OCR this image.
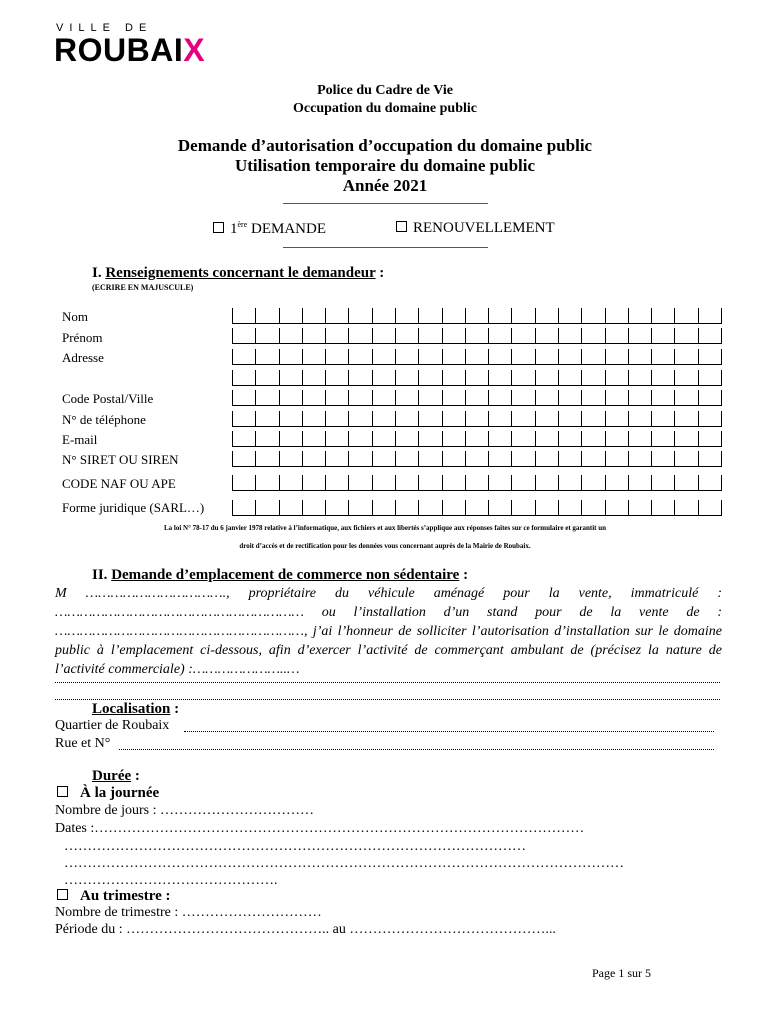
VILLE DE
ROUBAIX
Police du Cadre de Vie
Occupation du domaine public
Demande d’autorisation d’occupation du domaine public
Utilisation temporaire du domaine public
Année 2021
1ère DEMANDE	RENOUVELLEMENT
I. Renseignements concernant le demandeur :
(ECRIRE EN MAJUSCULE)
Nom
Prénom
Adresse
Code Postal/Ville
N° de téléphone
E-mail
N° SIRET OU SIREN
CODE NAF OU APE
Forme juridique (SARL…)
La loi N° 78-17 du 6 janvier 1978 relative à l’informatique, aux fichiers et aux libertés s’applique aux réponses faites sur ce formulaire et garantit un
droit d’accès et de rectification pour les données vous concernant auprès de la Mairie de Roubaix.
II. Demande d’emplacement de commerce non sédentaire :
M ……………………………., propriétaire du véhicule aménagé pour la vente, immatriculé : …………………………………………………… ou l’installation d’un stand pour de la vente de : ……………………………………………………, j’ai l’honneur de solliciter l’autorisation d’installation sur le domaine public à l’emplacement ci-dessous, afin d’exercer l’activité de commerçant ambulant de (précisez la nature de l’activité commerciale) :…………………..…
Localisation :
Quartier de Roubaix
Rue et N°
Durée :
À la journée
Nombre de jours : ……………………………
Dates :……………………………………………………………………………………………
………………………………………………………………………………………
…………………………………………………………………………………………………………
……………………………………….
Au trimestre :
Nombre de trimestre : …………………………
Période du : …………………………………….. au ……………………………………...
Page 1 sur 5
